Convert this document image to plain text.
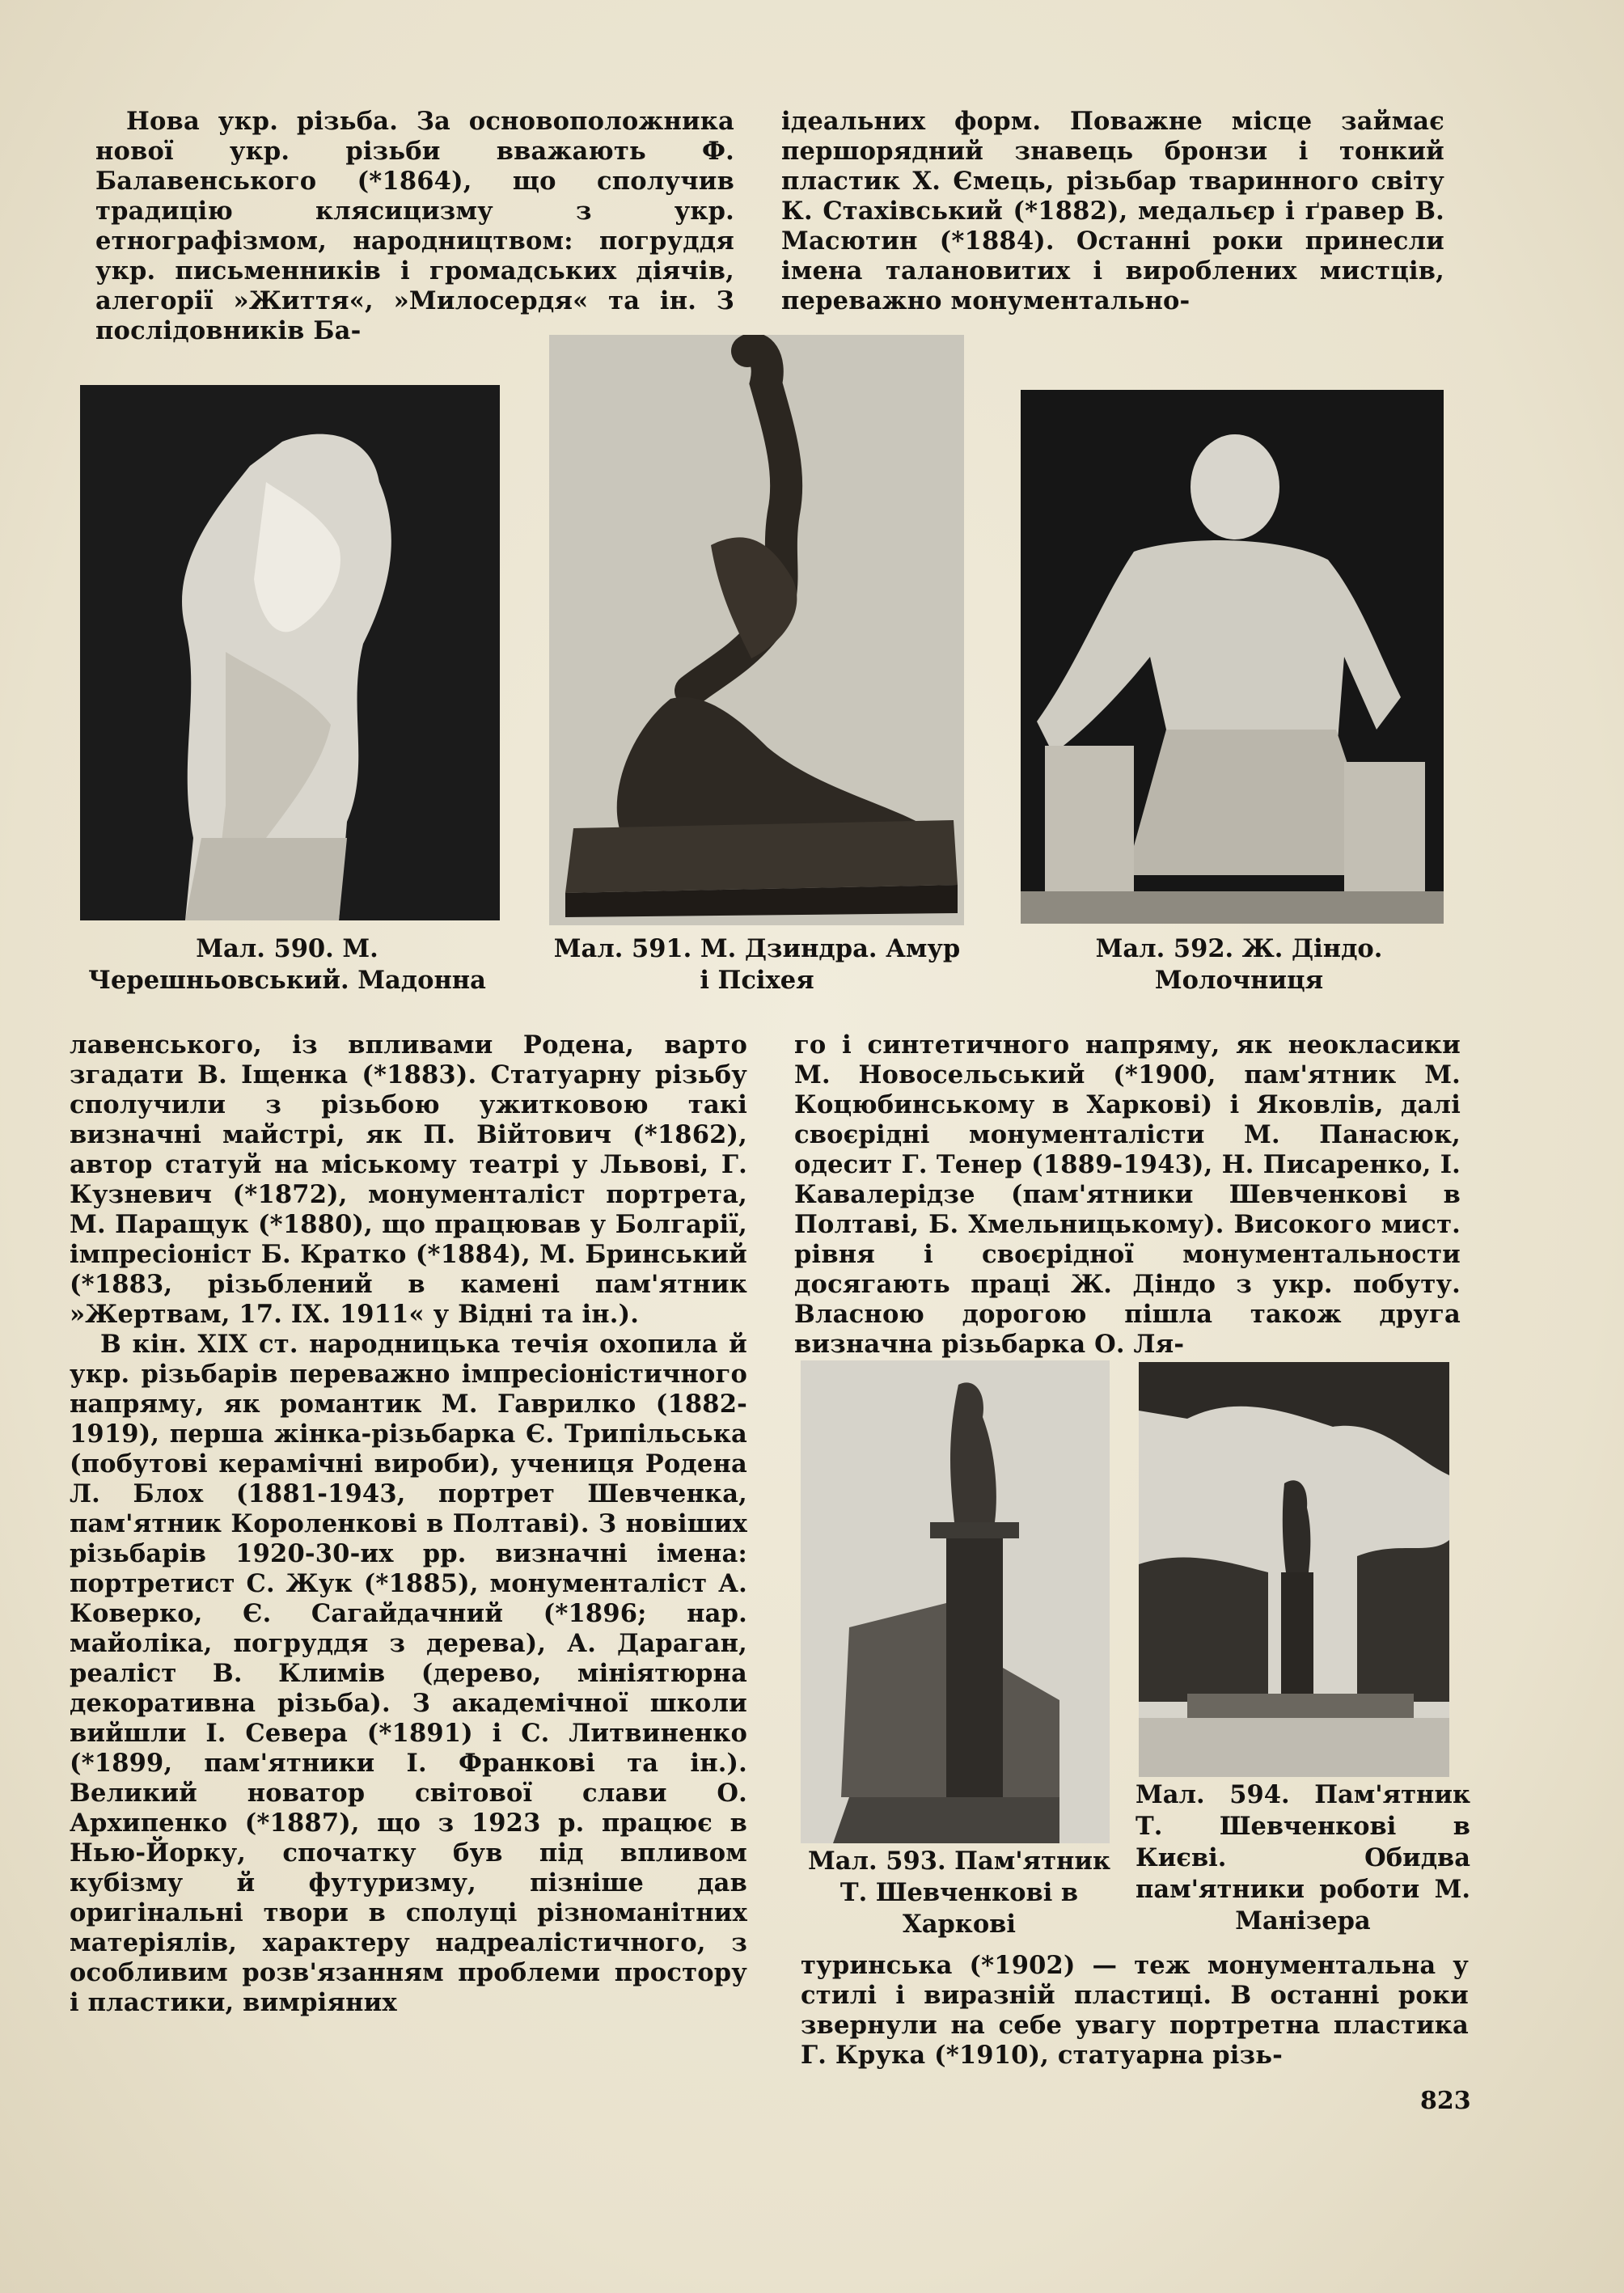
Нова укр. різьба. За основоположника нової укр. різьби вважають Ф. Балавенського (*1864), що сполучив традицію клясицизму з укр. етнографізмом, народництвом: погруддя укр. письменників і громадських діячів, алегорії »Життя«, »Милосердя« та ін. З послідовників Ба-

ідеальних форм. Поважне місце займає першорядний знавець бронзи і тонкий пластик Х. Ємець, різьбар тваринного світу К. Стахівський (*1882), медальєр і ґравер В. Масютин (*1884). Останні роки принесли імена талановитих і вироблених мистців, переважно монументально-

Мал. 590. М. Черешньовський. Мадонна
Мал. 591. М. Дзиндра. Амур і Псіхея
Мал. 592. Ж. Діндо. Молочниця

лавенського, із впливами Родена, варто згадати В. Іщенка (*1883). Статуарну різьбу сполучили з різьбою ужитковою такі визначні майстрі, як П. Війтович (*1862), автор статуй на міському театрі у Львові, Г. Кузневич (*1872), монументаліст портрета, М. Паращук (*1880), що працював у Болгарії, імпресіоніст Б. Кратко (*1884), М. Бринський (*1883, різьблений в камені пам'ятник »Жертвам, 17. IX. 1911« у Відні та ін.).

В кін. XIX ст. народницька течія охопила й укр. різьбарів переважно імпресіоністичного напряму, як романтик М. Гаврилко (1882-1919), перша жінка-різьбарка Є. Трипільська (побутові керамічні вироби), учениця Родена Л. Блох (1881-1943, портрет Шевченка, пам'ятник Короленкові в Полтаві). З новіших різьбарів 1920-30-их рр. визначні імена: портретист С. Жук (*1885), монументаліст А. Коверко, Є. Сагайдачний (*1896; нар. майоліка, погруддя з дерева), А. Дараган, реаліст В. Климів (дерево, мініятюрна декоративна різьба). З академічної школи вийшли І. Севера (*1891) і С. Литвиненко (*1899, пам'ятники І. Франкові та ін.). Великий новатор світової слави О. Архипенко (*1887), що з 1923 р. працює в Нью-Йорку, спочатку був під впливом кубізму й футуризму, пізніше дав оригінальні твори в сполуці різноманітних матеріялів, характеру надреалістичного, з особливим розв'язанням проблеми простору і пластики, вимріяних

го і синтетичного напряму, як неокласики М. Новосельський (*1900, пам'ятник М. Коцюбинському в Харкові) і Яковлів, далі своєрідні монументалісти М. Панасюк, одесит Г. Тенер (1889-1943), Н. Писаренко, І. Кавалерідзе (пам'ятники Шевченкові в Полтаві, Б. Хмельницькому). Високого мист. рівня і своєрідної монументальности досягають праці Ж. Діндо з укр. побуту. Власною дорогою пішла також друга визначна різьбарка О. Ля-

Мал. 593. Пам'ятник Т. Шевченкові в Харкові
Мал. 594. Пам'ятник Т. Шевченкові в Києві. Обидва пам'ятники роботи М. Манізера

туринська (*1902) — теж монументальна у стилі і виразній пластиці. В останні роки звернули на себе увагу портретна пластика Г. Крука (*1910), статуарна різь-

823
